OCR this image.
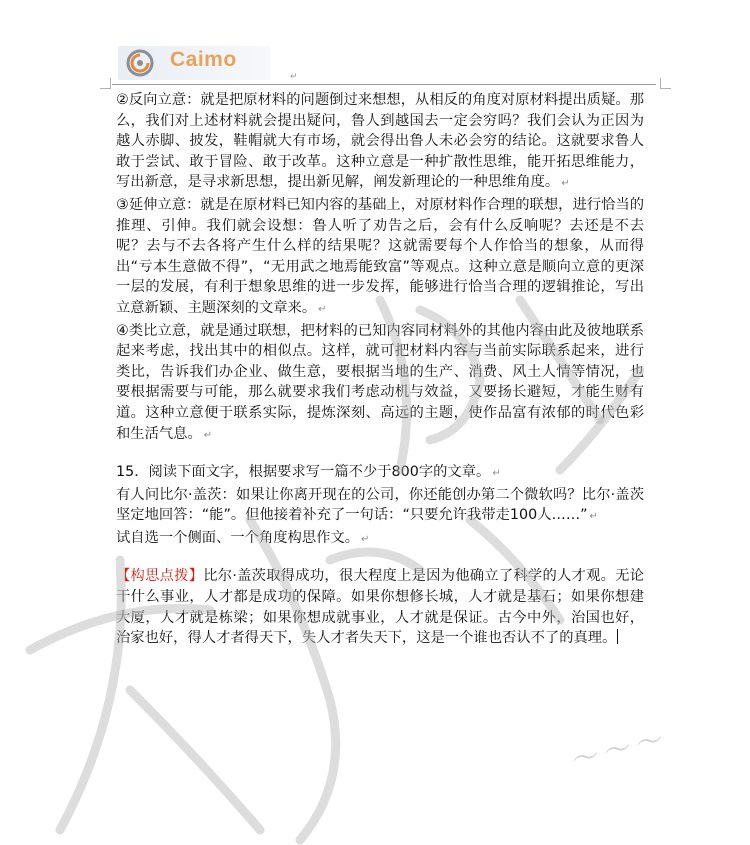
Caimo
↵

②反向立意：就是把原材料的问题倒过来想想，从相反的角度对原材料提出质疑。那么，我们对上述材料就会提出疑问，鲁人到越国去一定会穷吗？我们会认为正因为越人赤脚、披发，鞋帽就大有市场，就会得出鲁人未必会穷的结论。这就要求鲁人敢于尝试、敢于冒险、敢于改革。这种立意是一种扩散性思维，能开拓思维能力，写出新意，是寻求新思想，提出新见解，阐发新理论的一种思维角度。 ↵

③延伸立意：就是在原材料已知内容的基础上，对原材料作合理的联想，进行恰当的推理、引伸。我们就会设想：鲁人听了劝告之后，会有什么反响呢？去还是不去呢？去与不去各将产生什么样的结果呢？这就需要每个人作恰当的想象，从而得出“亏本生意做不得”，“无用武之地焉能致富”等观点。这种立意是顺向立意的更深一层的发展，有利于想象思维的进一步发挥，能够进行恰当合理的逻辑推论，写出立意新颖、主题深刻的文章来。 ↵

④类比立意，就是通过联想，把材料的已知内容同材料外的其他内容由此及彼地联系起来考虑，找出其中的相似点。这样，就可把材料内容与当前实际联系起来，进行类比，告诉我们办企业、做生意，要根据当地的生产、消费、风土人情等情况，也要根据需要与可能，那么就要求我们考虑动机与效益，又要扬长避短，才能生财有道。这种立意便于联系实际，提炼深刻、高远的主题，使作品富有浓郁的时代色彩和生活气息。 ↵

15．阅读下面文字，根据要求写一篇不少于800字的文章。 ↵

有人问比尔·盖茨：如果让你离开现在的公司，你还能创办第二个微软吗？比尔·盖茨坚定地回答：“能”。但他接着补充了一句话：“只要允许我带走100人……” ↵

试自选一个侧面、一个角度构思作文。 ↵

【构思点拨】比尔·盖茨取得成功，很大程度上是因为他确立了科学的人才观。无论干什么事业，人才都是成功的保障。如果你想修长城，人才就是基石；如果你想建大厦，人才就是栋梁；如果你想成就事业，人才就是保证。古今中外，治国也好，治家也好，得人才者得天下，失人才者失天下，这是一个谁也否认不了的真理。

〜〜〜
